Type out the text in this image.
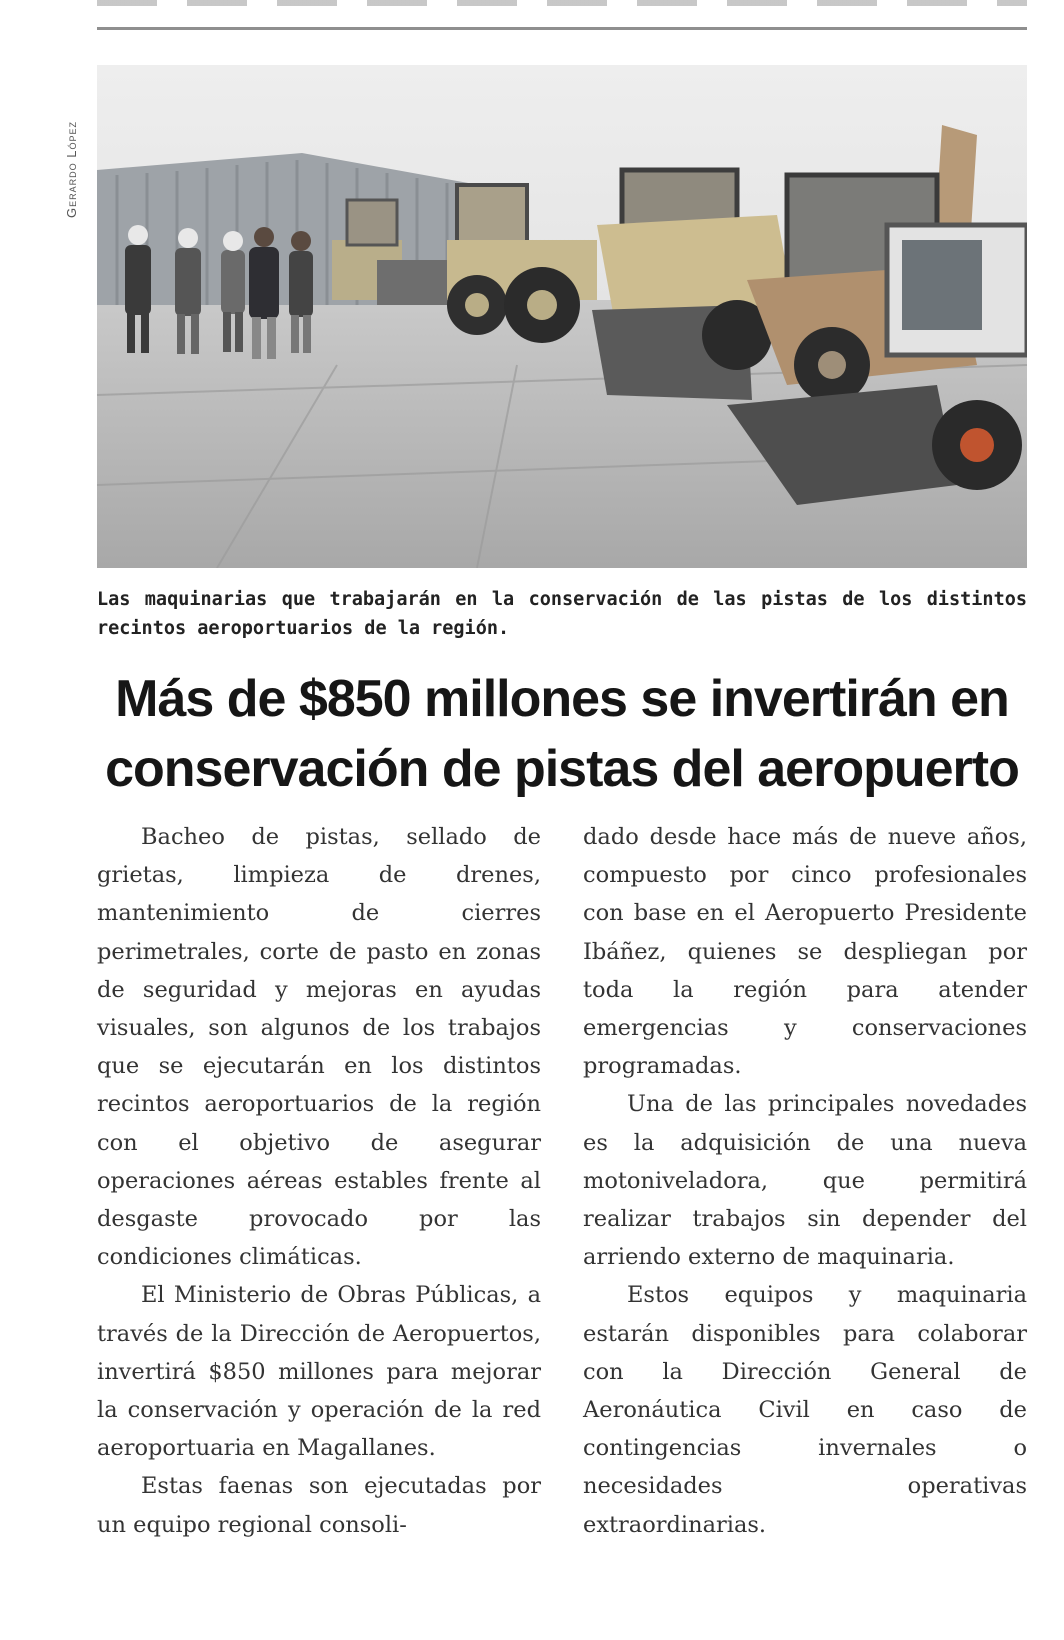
Gerardo López
Las maquinarias que trabajarán en la conservación de las pistas de los distintos recintos aeroportuarios de la región.
Más de $850 millones se invertirán en
conservación de pistas del aeropuerto

Bacheo de pistas, sellado de grietas, limpieza de drenes, mantenimiento de cierres perimetrales, corte de pasto en zonas de seguridad y mejoras en ayudas visuales, son algunos de los trabajos que se ejecutarán en los distintos recintos aeroportuarios de la región con el objetivo de asegurar operaciones aéreas estables frente al desgaste provocado por las condiciones climáticas.

El Ministerio de Obras Públicas, a través de la Dirección de Aeropuertos, invertirá $850 millones para mejorar la conservación y operación de la red aeroportuaria en Magallanes.

Estas faenas son ejecutadas por un equipo regional consoli-

dado desde hace más de nueve años, compuesto por cinco profesionales con base en el Aeropuerto Presidente Ibáñez, quienes se despliegan por toda la región para atender emergencias y conservaciones programadas.

Una de las principales novedades es la adquisición de una nueva motoniveladora, que permitirá realizar trabajos sin depender del arriendo externo de maquinaria.

Estos equipos y maquinaria estarán disponibles para colaborar con la Dirección General de Aeronáutica Civil en caso de contingencias invernales o necesidades operativas extraordinarias.
